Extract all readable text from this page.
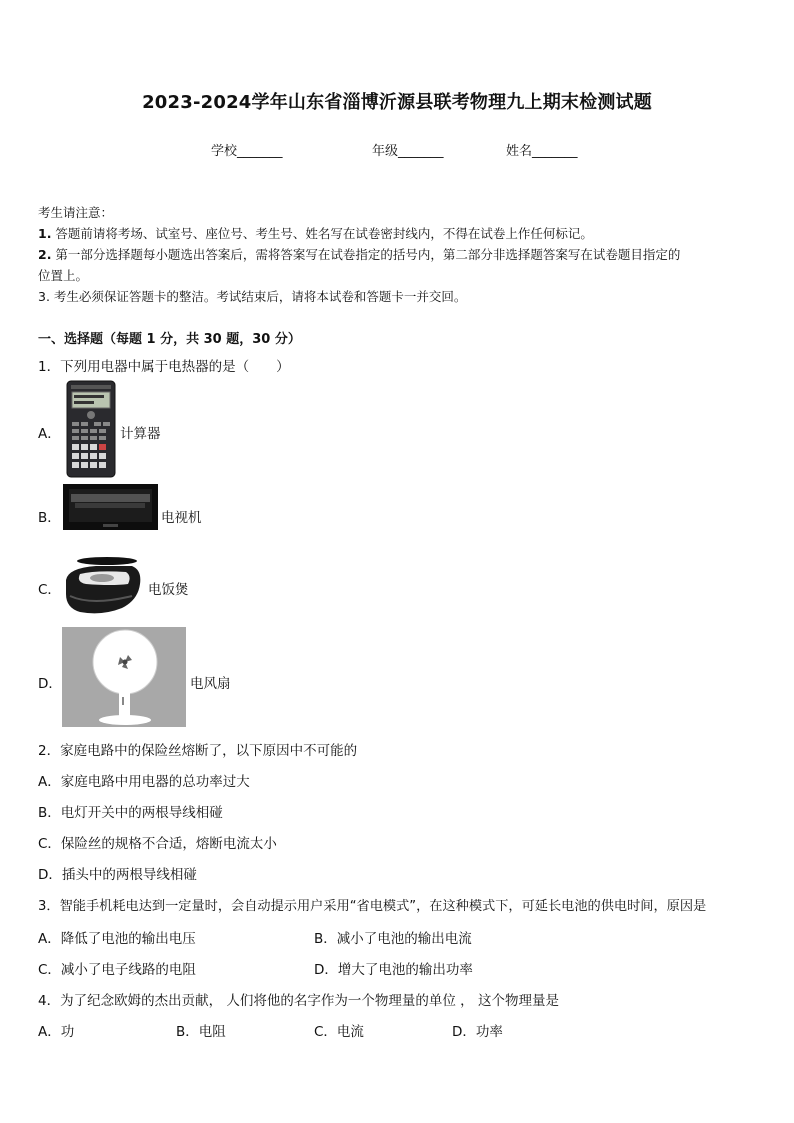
2023-2024学年山东省淄博沂源县联考物理九上期末检测试题
学校_______	年级_______	姓名_______
考生请注意：
1. 答题前请将考场、试室号、座位号、考生号、姓名写在试卷密封线内，不得在试卷上作任何标记。
2. 第一部分选择题每小题选出答案后，需将答案写在试卷指定的括号内，第二部分非选择题答案写在试卷题目指定的
位置上。
3. 考生必须保证答题卡的整洁。考试结束后，请将本试卷和答题卡一并交回。
一、选择题（每题 1 分，共 30 题，30 分）
1．下列用电器中属于电热器的是（　　）
A．	计算器
B．	电视机
C．	电饭煲
D．	电风扇
2．家庭电路中的保险丝熔断了，以下原因中不可能的
A．家庭电路中用电器的总功率过大
B．电灯开关中的两根导线相碰
C．保险丝的规格不合适，熔断电流太小
D．插头中的两根导线相碰
3．智能手机耗电达到一定量时，会自动提示用户采用“省电模式”，在这种模式下，可延长电池的供电时间，原因是
A．降低了电池的输出电压	B．减小了电池的输出电流
C．减小了电子线路的电阻	D．增大了电池的输出功率
4．为了纪念欧姆的杰出贡献， 人们将他的名字作为一个物理量的单位 ， 这个物理量是
A．功	B．电阻	C．电流	D．功率
